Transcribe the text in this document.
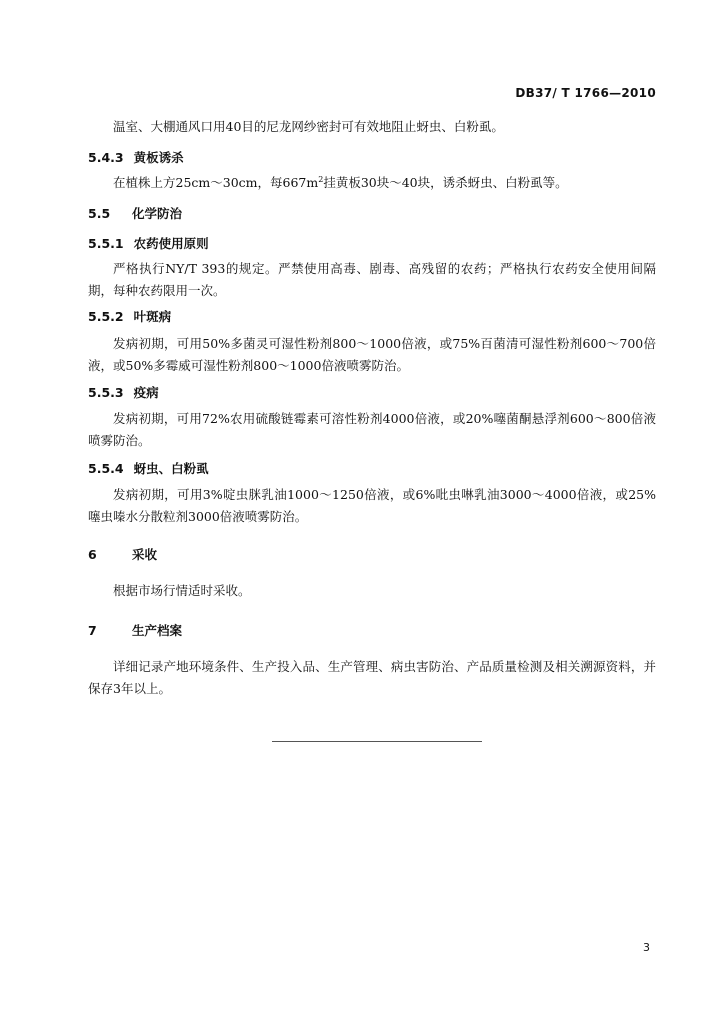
DB37/ T 1766—2010

温室、大棚通风口用40目的尼龙网纱密封可有效地阻止蚜虫、白粉虱。

5.4.3 黄板诱杀

在植株上方25cm～30cm，每$667m^2$挂黄板30块～40块，诱杀蚜虫、白粉虱等。

5.5 化学防治
5.5.1 农药使用原则

严格执行NY/T 393的规定。严禁使用高毒、剧毒、高残留的农药；严格执行农药安全使用间隔期，每种农药限用一次。

5.5.2 叶斑病

发病初期，可用50%多菌灵可湿性粉剂800～1000倍液，或75%百菌清可湿性粉剂600～700倍液，或50%多霉威可湿性粉剂800～1000倍液喷雾防治。

5.5.3 疫病

发病初期，可用72%农用硫酸链霉素可溶性粉剂4000倍液，或20%噻菌酮悬浮剂600～800倍液喷雾防治。

5.5.4 蚜虫、白粉虱

发病初期，可用3%啶虫脒乳油1000～1250倍液，或6%吡虫啉乳油3000～4000倍液，或25%噻虫嗪水分散粒剂3000倍液喷雾防治。

6	采收

根据市场行情适时采收。

7	生产档案

详细记录产地环境条件、生产投入品、生产管理、病虫害防治、产品质量检测及相关溯源资料，并保存3年以上。

3
